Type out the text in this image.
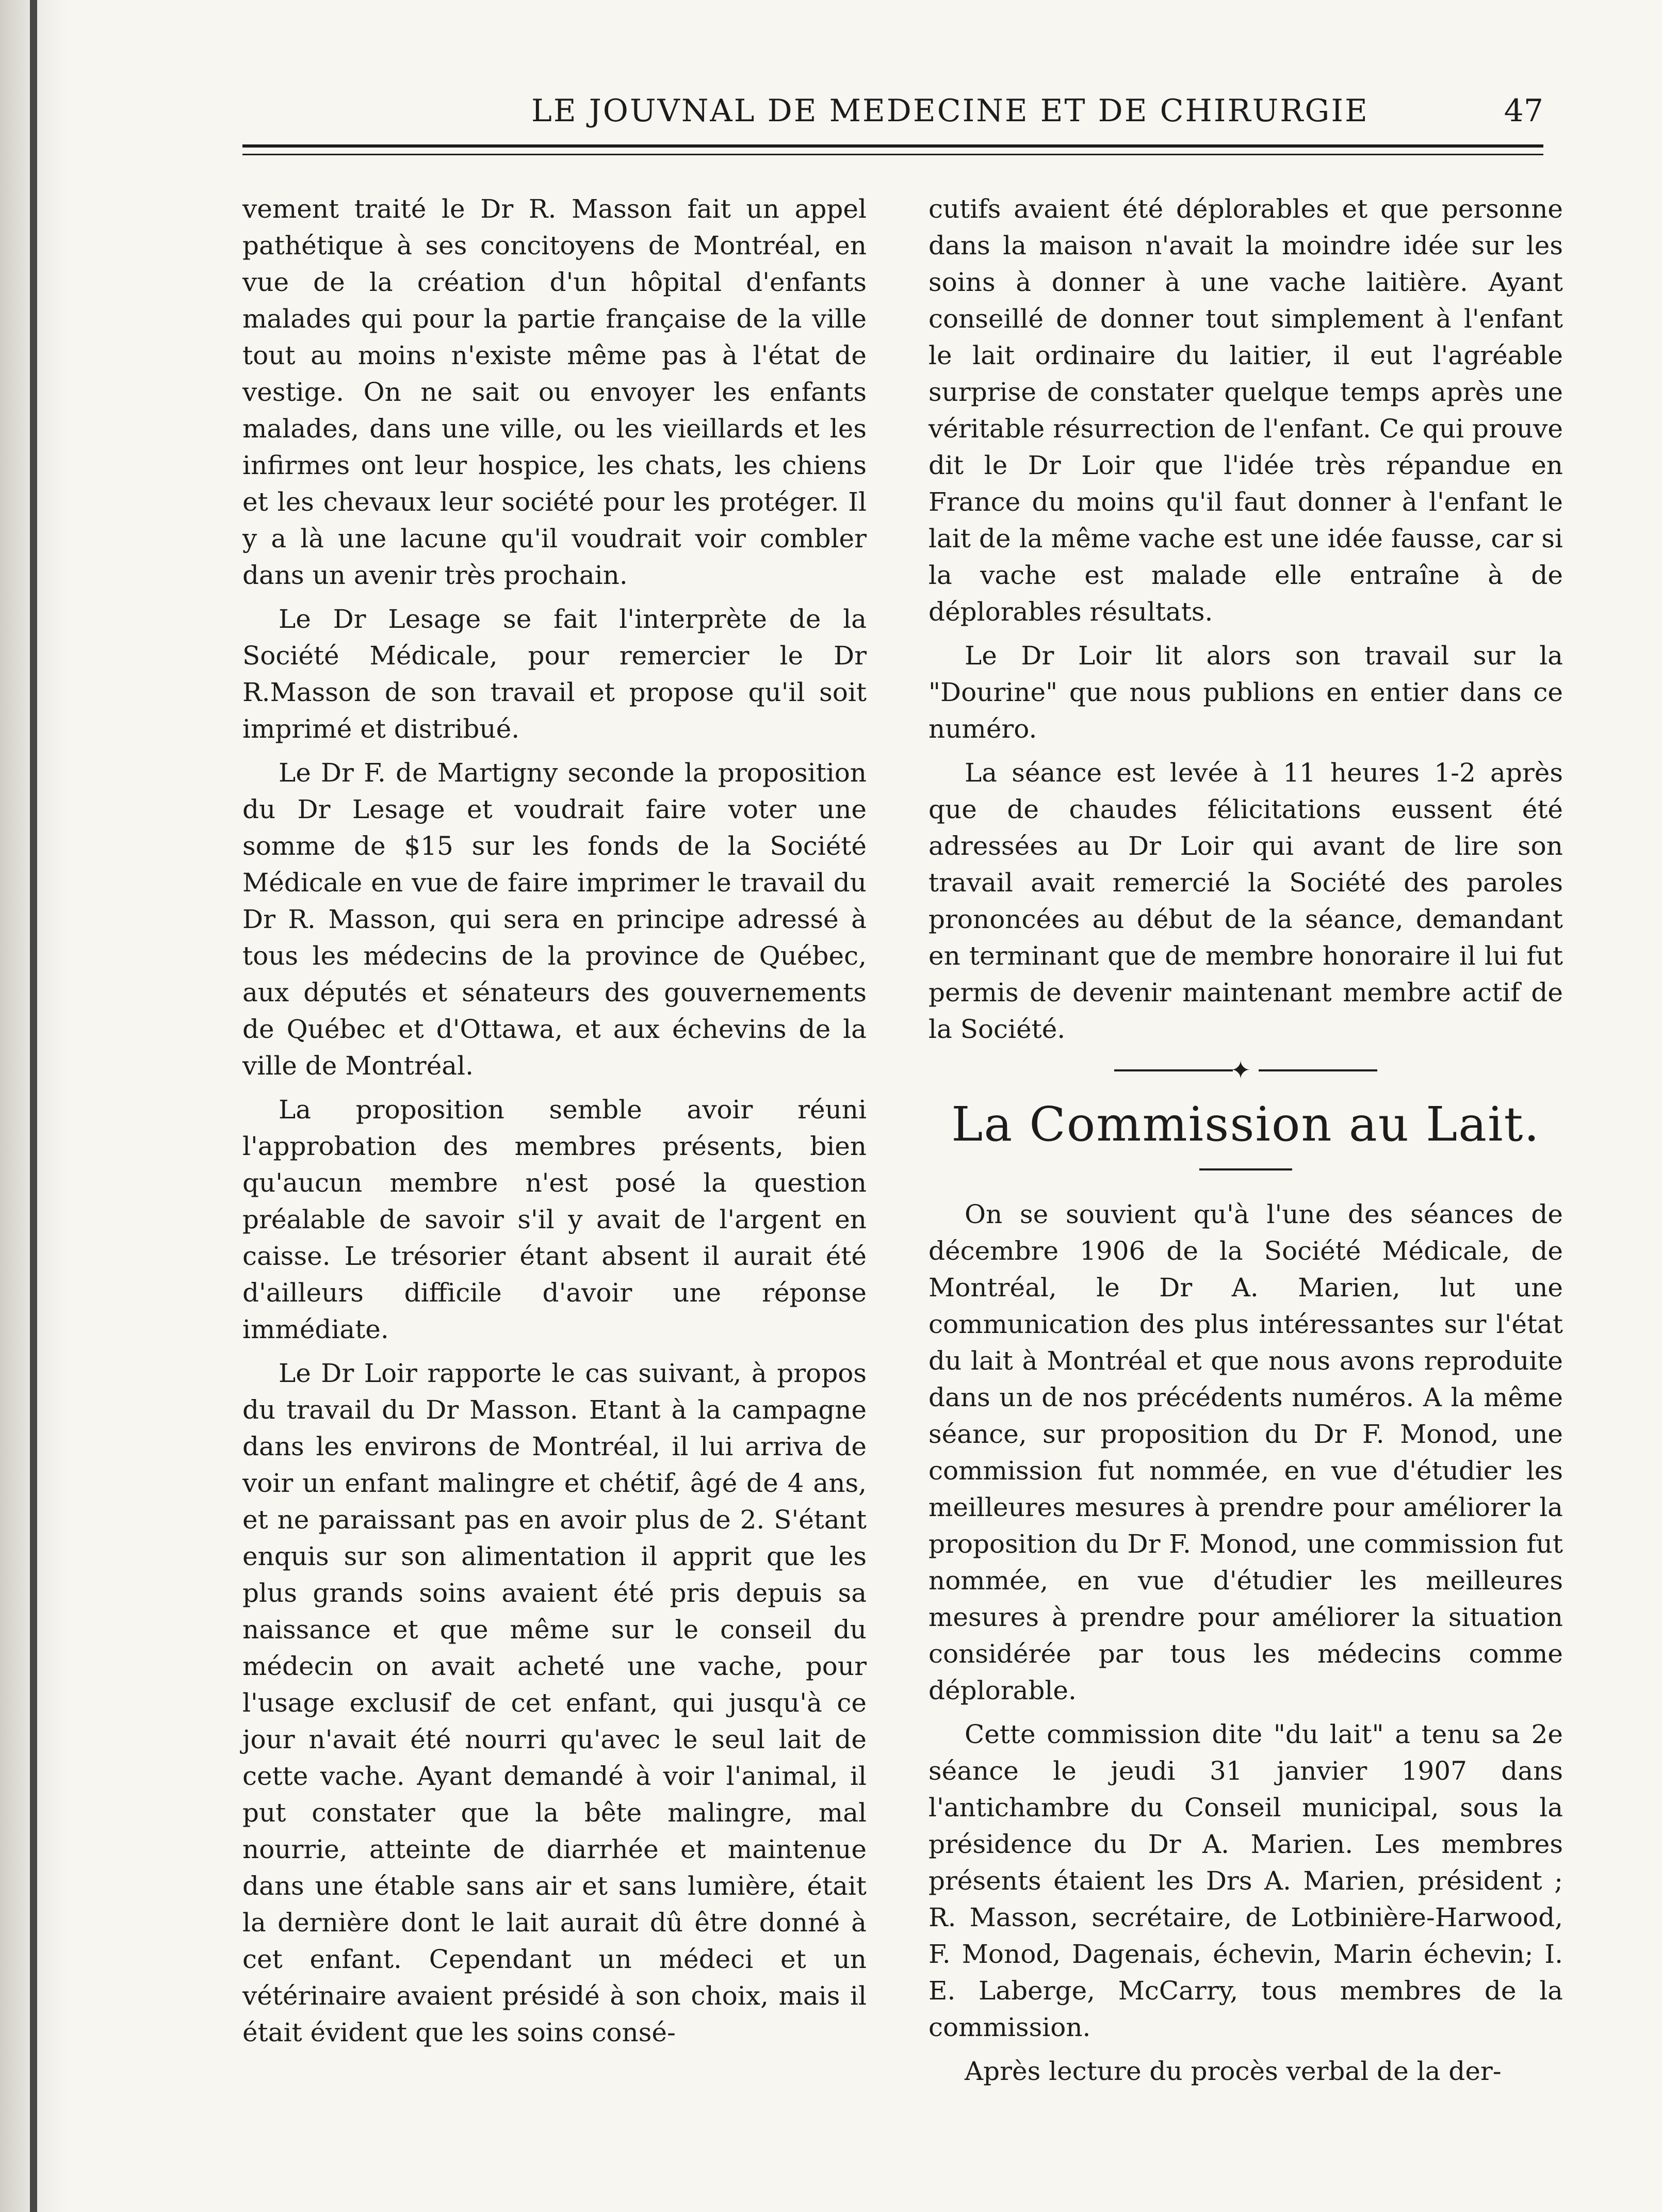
LE JOUVNAL DE MEDECINE ET DE CHIRURGIE	47

vement traité le Dr R. Masson fait un appel pathétique à ses concitoyens de Montréal, en vue de la création d'un hôpital d'enfants malades qui pour la partie française de la ville tout au moins n'existe même pas à l'état de vestige. On ne sait ou envoyer les enfants malades, dans une ville, ou les vieillards et les infirmes ont leur hospice, les chats, les chiens et les chevaux leur société pour les protéger. Il y a là une lacune qu'il voudrait voir combler dans un avenir très prochain.

Le Dr Lesage se fait l'interprète de la Société Médicale, pour remercier le Dr R.Masson de son travail et propose qu'il soit imprimé et distribué.

Le Dr F. de Martigny seconde la proposition du Dr Lesage et voudrait faire voter une somme de $15 sur les fonds de la Société Médicale en vue de faire imprimer le travail du Dr R. Masson, qui sera en principe adressé à tous les médecins de la province de Québec, aux députés et sénateurs des gouvernements de Québec et d'Ottawa, et aux échevins de la ville de Montréal.

La proposition semble avoir réuni l'approbation des membres présents, bien qu'aucun membre n'est posé la question préalable de savoir s'il y avait de l'argent en caisse. Le trésorier étant absent il aurait été d'ailleurs difficile d'avoir une réponse immédiate.

Le Dr Loir rapporte le cas suivant, à propos du travail du Dr Masson. Etant à la campagne dans les environs de Montréal, il lui arriva de voir un enfant malingre et chétif, âgé de 4 ans, et ne paraissant pas en avoir plus de 2. S'étant enquis sur son alimentation il apprit que les plus grands soins avaient été pris depuis sa naissance et que même sur le conseil du médecin on avait acheté une vache, pour l'usage exclusif de cet enfant, qui jusqu'à ce jour n'avait été nourri qu'avec le seul lait de cette vache. Ayant demandé à voir l'animal, il put constater que la bête malingre, mal nourrie, atteinte de diarrhée et maintenue dans une étable sans air et sans lumière, était la dernière dont le lait aurait dû être donné à cet enfant. Cependant un médeci et un vétérinaire avaient présidé à son choix, mais il était évident que les soins consé-

cutifs avaient été déplorables et que personne dans la maison n'avait la moindre idée sur les soins à donner à une vache laitière. Ayant conseillé de donner tout simplement à l'enfant le lait ordinaire du laitier, il eut l'agréable surprise de constater quelque temps après une véritable résurrection de l'enfant. Ce qui prouve dit le Dr Loir que l'idée très répandue en France du moins qu'il faut donner à l'enfant le lait de la même vache est une idée fausse, car si la vache est malade elle entraîne à de déplorables résultats.

Le Dr Loir lit alors son travail sur la "Dourine" que nous publions en entier dans ce numéro.

La séance est levée à 11 heures 1-2 après que de chaudes félicitations eussent été adressées au Dr Loir qui avant de lire son travail avait remercié la Société des paroles prononcées au début de la séance, demandant en terminant que de membre honoraire il lui fut permis de devenir maintenant membre actif de la Société.

✦
La Commission au Lait.

On se souvient qu'à l'une des séances de décembre 1906 de la Société Médicale, de Montréal, le Dr A. Marien, lut une communication des plus intéressantes sur l'état du lait à Montréal et que nous avons reproduite dans un de nos précédents numéros. A la même séance, sur proposition du Dr F. Monod, une commission fut nommée, en vue d'étudier les meilleures mesures à prendre pour améliorer la proposition du Dr F. Monod, une commission fut nommée, en vue d'étudier les meilleures mesures à prendre pour améliorer la situation considérée par tous les médecins comme déplorable.

Cette commission dite "du lait" a tenu sa 2e séance le jeudi 31 janvier 1907 dans l'antichambre du Conseil municipal, sous la présidence du Dr A. Marien. Les membres présents étaient les Drs A. Marien, président ; R. Masson, secrétaire, de Lotbinière-Harwood, F. Monod, Dagenais, échevin, Marin échevin; I. E. Laberge, McCarry, tous membres de la commission.

Après lecture du procès verbal de la der-
